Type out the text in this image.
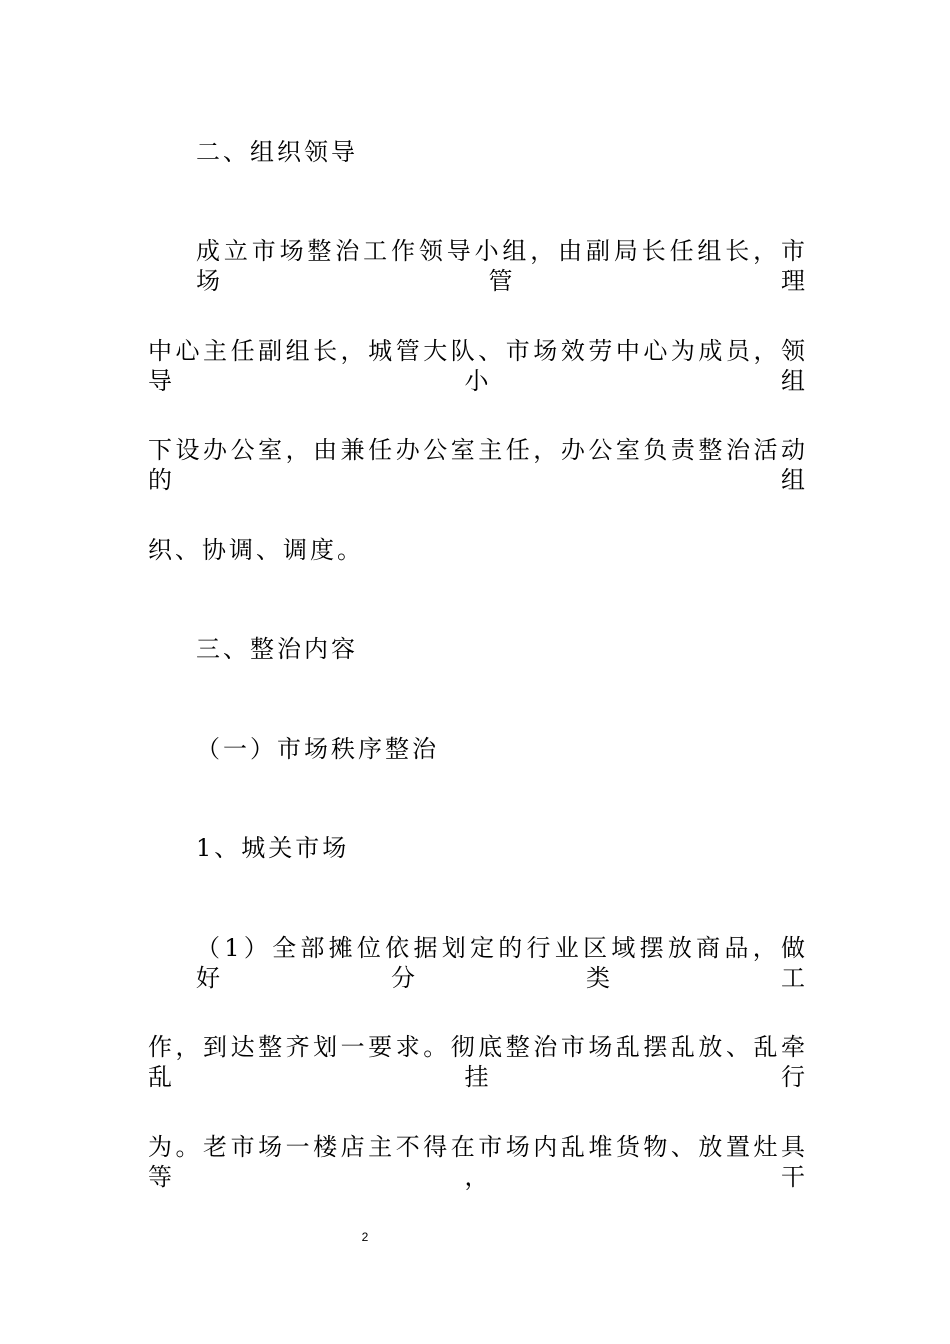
二、组织领导
成立市场整治工作领导小组，由副局长任组长，市场管理
中心主任副组长，城管大队、市场效劳中心为成员，领导小组
下设办公室，由兼任办公室主任，办公室负责整治活动的组
织、协调、调度。
三、整治内容
（一）市场秩序整治
1、城关市场
（1）全部摊位依据划定的行业区域摆放商品，做好分类工
作，到达整齐划一要求。彻底整治市场乱摆乱放、乱牵乱挂行
为。老市场一楼店主不得在市场内乱堆货物、放置灶具等，干
2
